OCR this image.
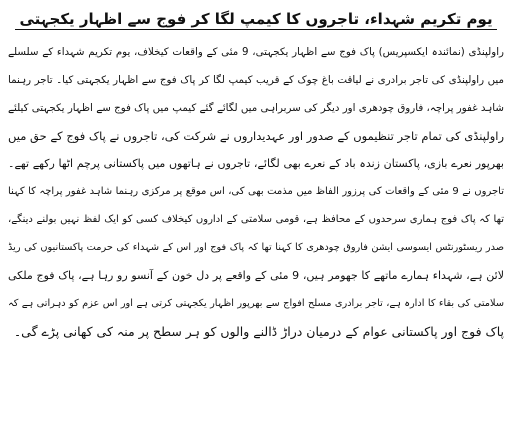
یوم تکریم شہداء، تاجروں کا کیمپ لگا کر فوج سے اظہار یکجہتی
راولپنڈی (نمائندہ ایکسپریس) پاک فوج سے اظہار یکجہتی، 9 مئی کے واقعات کیخلاف، یوم تکریم شہداء کے سلسلے
میں راولپنڈی کی تاجر برادری نے لیاقت باغ چوک کے قریب کیمپ لگا کر پاک فوج سے اظہار یکجہتی کیا۔ تاجر رہنما
شاہد غفور پراچہ، فاروق چودھری اور دیگر کی سربراہی میں لگائے گئے کیمپ میں پاک فوج سے اظہار یکجہتی کیلئے
راولپنڈی کی تمام تاجر تنظیموں کے صدور اور عہدیداروں نے شرکت کی، تاجروں نے پاک فوج کے حق میں
بھرپور نعرے بازی، پاکستان زندہ باد کے نعرے بھی لگائے، تاجروں نے ہاتھوں میں پاکستانی پرچم اٹھا رکھے تھے۔
تاجروں نے 9 مئی کے واقعات کی پرزور الفاظ میں مذمت بھی کی، اس موقع پر مرکزی رہنما شاہد غفور پراچہ کا کہنا
تھا کہ پاک فوج ہماری سرحدوں کے محافظ ہے، قومی سلامتی کے اداروں کیخلاف کسی کو ایک لفظ نہیں بولنے دینگے،
صدر ریسٹورنٹس ایسوسی ایشن فاروق چودھری کا کہنا تھا کہ پاک فوج اور اس کے شہداء کی حرمت پاکستانیوں کی ریڈ
لائن ہے، شہداء ہمارے ماتھے کا جھومر ہیں، 9 مئی کے واقعے پر دل خون کے آنسو رو رہا ہے، پاک فوج ملکی
سلامتی کی بقاء کا ادارہ ہے، تاجر برادری مسلح افواج سے بھرپور اظہار یکجہتی کرتی ہے اور اس عزم کو دہراتی ہے کہ
پاک فوج اور پاکستانی عوام کے درمیان دراڑ ڈالنے والوں کو ہر سطح پر منہ کی کھانی پڑے گی۔
